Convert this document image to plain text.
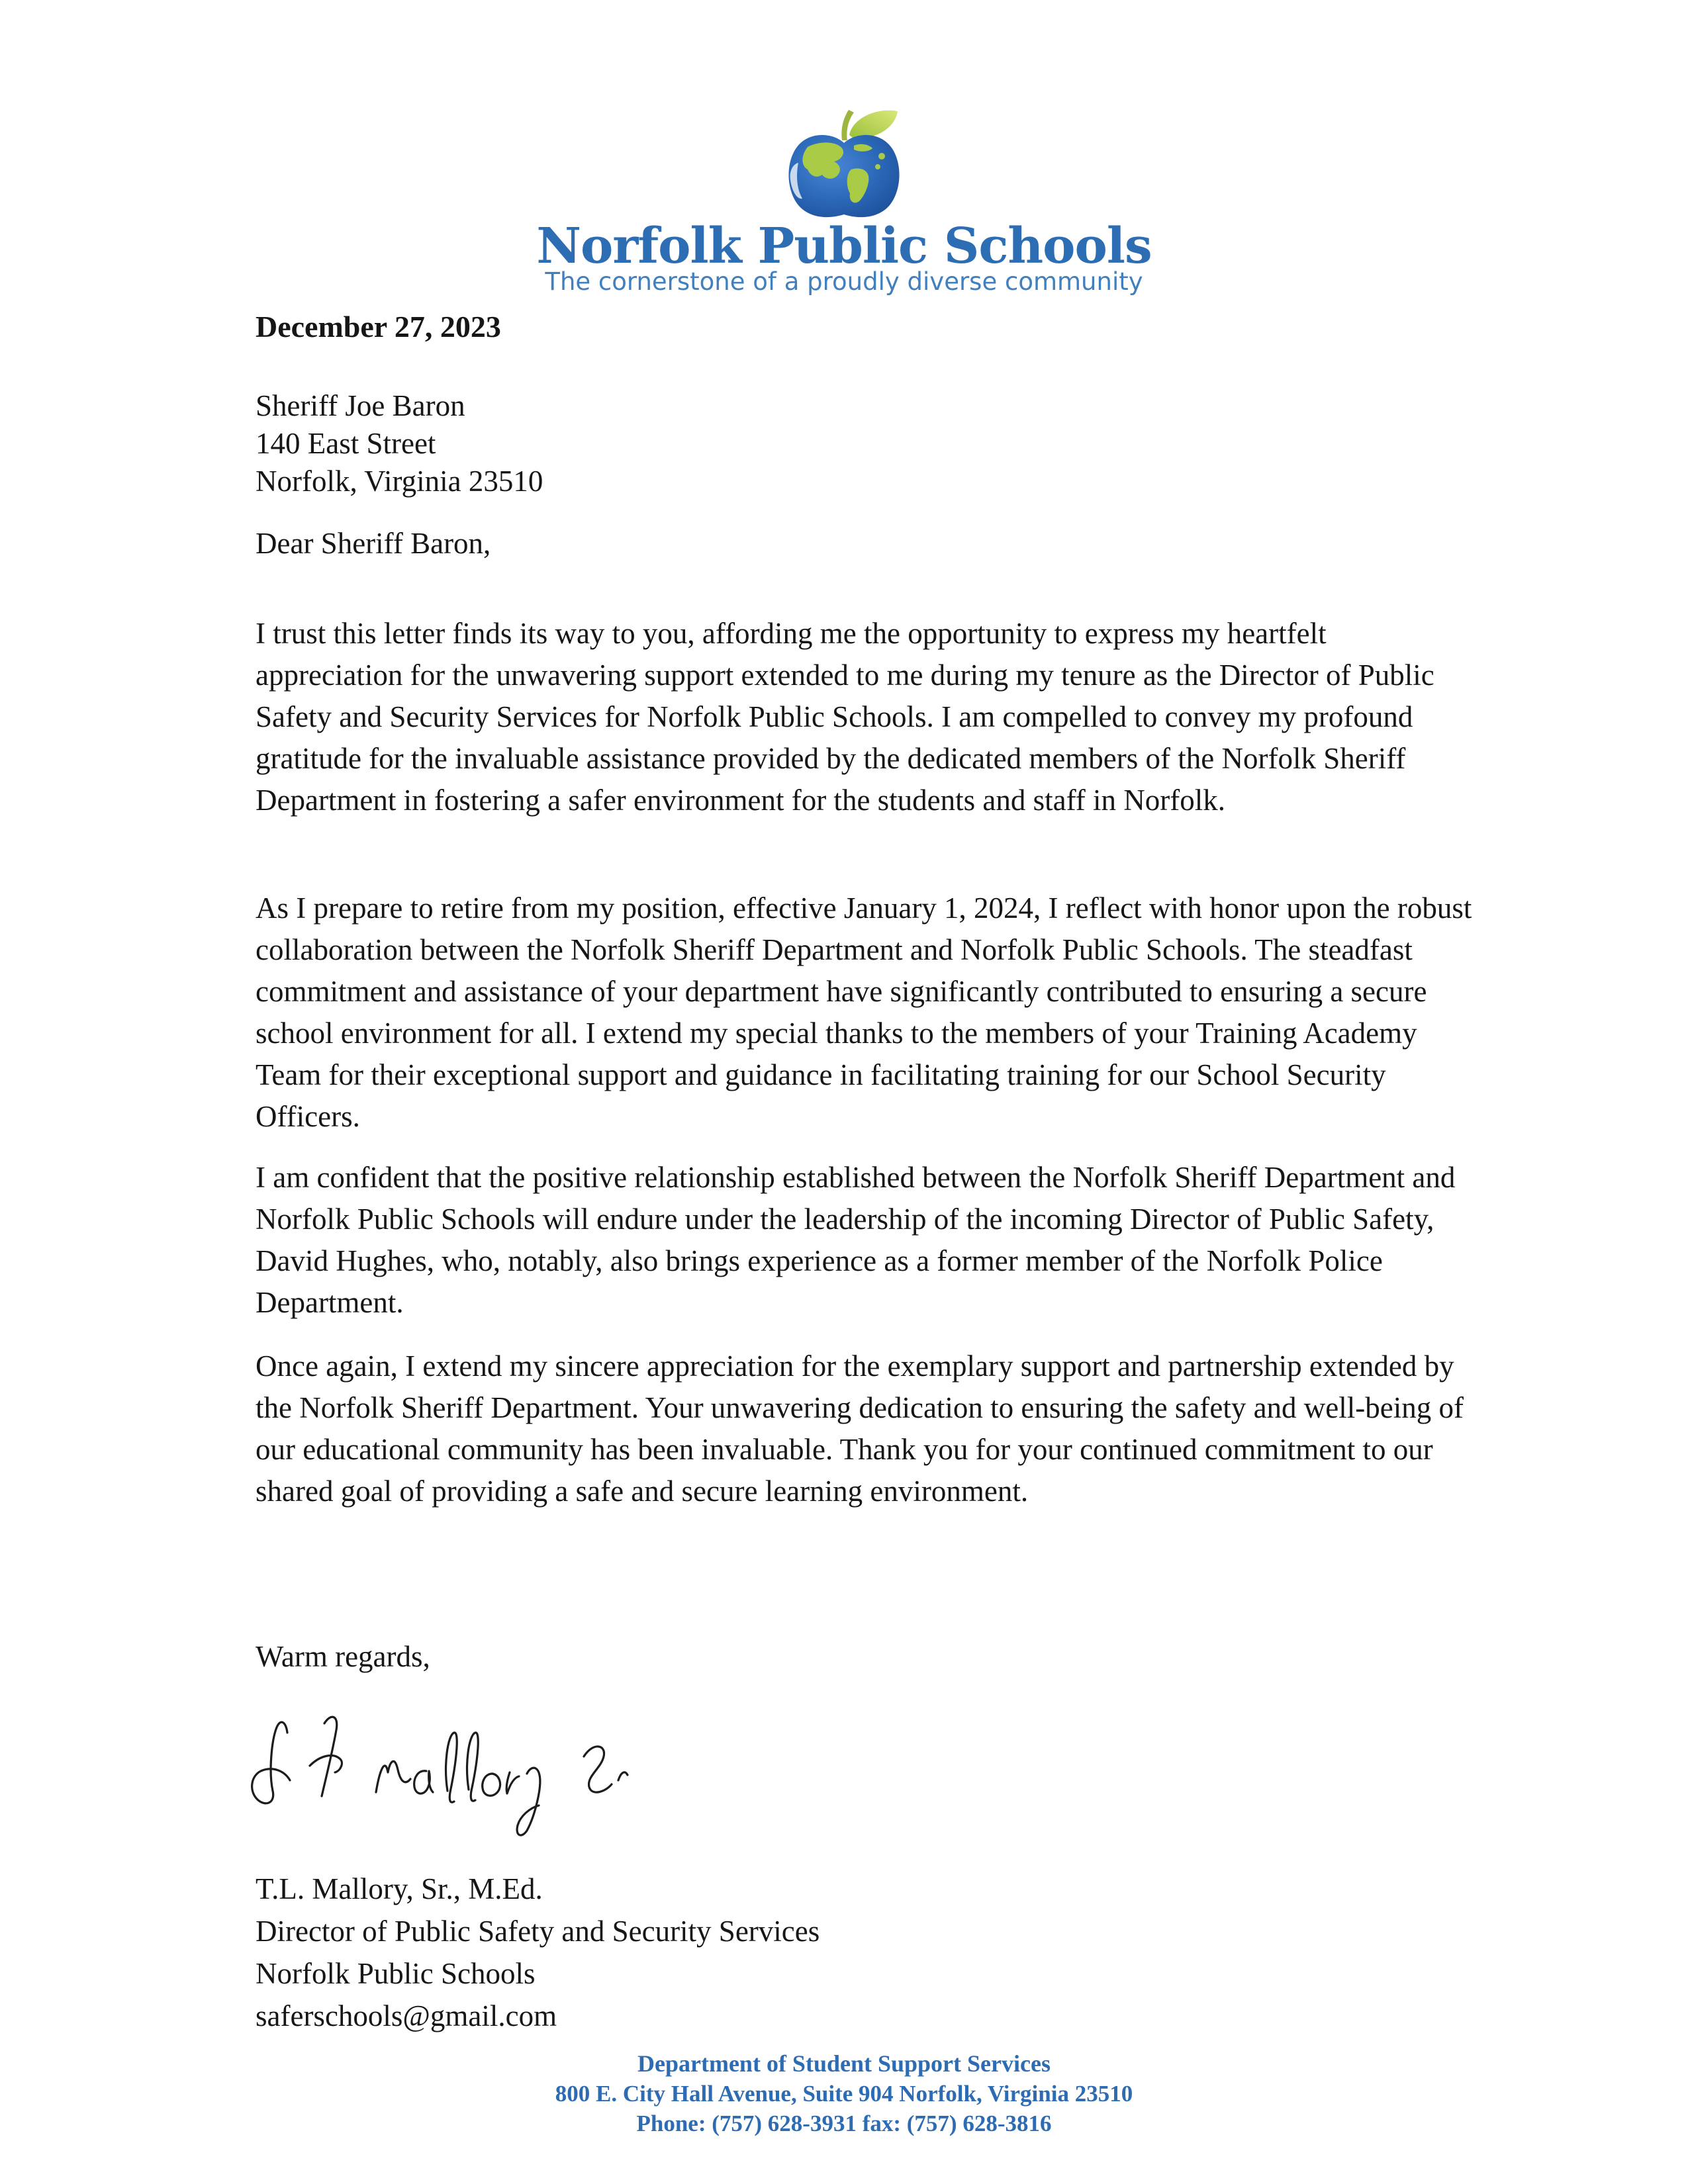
Norfolk Public Schools
The cornerstone of a proudly diverse community
December 27, 2023
Sheriff Joe Baron
140 East Street
Norfolk, Virginia 23510
Dear Sheriff Baron,
I trust this letter finds its way to you, affording me the opportunity to express my heartfelt appreciation for the unwavering support extended to me during my tenure as the Director of Public Safety and Security Services for Norfolk Public Schools. I am compelled to convey my profound gratitude for the invaluable assistance provided by the dedicated members of the Norfolk Sheriff Department in fostering a safer environment for the students and staff in Norfolk.
As I prepare to retire from my position, effective January 1, 2024, I reflect with honor upon the robust collaboration between the Norfolk Sheriff Department and Norfolk Public Schools. The steadfast commitment and assistance of your department have significantly contributed to ensuring a secure school environment for all. I extend my special thanks to the members of your Training Academy Team for their exceptional support and guidance in facilitating training for our School Security Officers.
I am confident that the positive relationship established between the Norfolk Sheriff Department and Norfolk Public Schools will endure under the leadership of the incoming Director of Public Safety, David Hughes, who, notably, also brings experience as a former member of the Norfolk Police Department.
Once again, I extend my sincere appreciation for the exemplary support and partnership extended by the Norfolk Sheriff Department. Your unwavering dedication to ensuring the safety and well-being of our educational community has been invaluable. Thank you for your continued commitment to our shared goal of providing a safe and secure learning environment.
Warm regards,
T.L. Mallory, Sr., M.Ed.
Director of Public Safety and Security Services
Norfolk Public Schools
saferschools@gmail.com
Department of Student Support Services
800 E. City Hall Avenue, Suite 904 Norfolk, Virginia 23510
Phone: (757) 628-3931 fax: (757) 628-3816
